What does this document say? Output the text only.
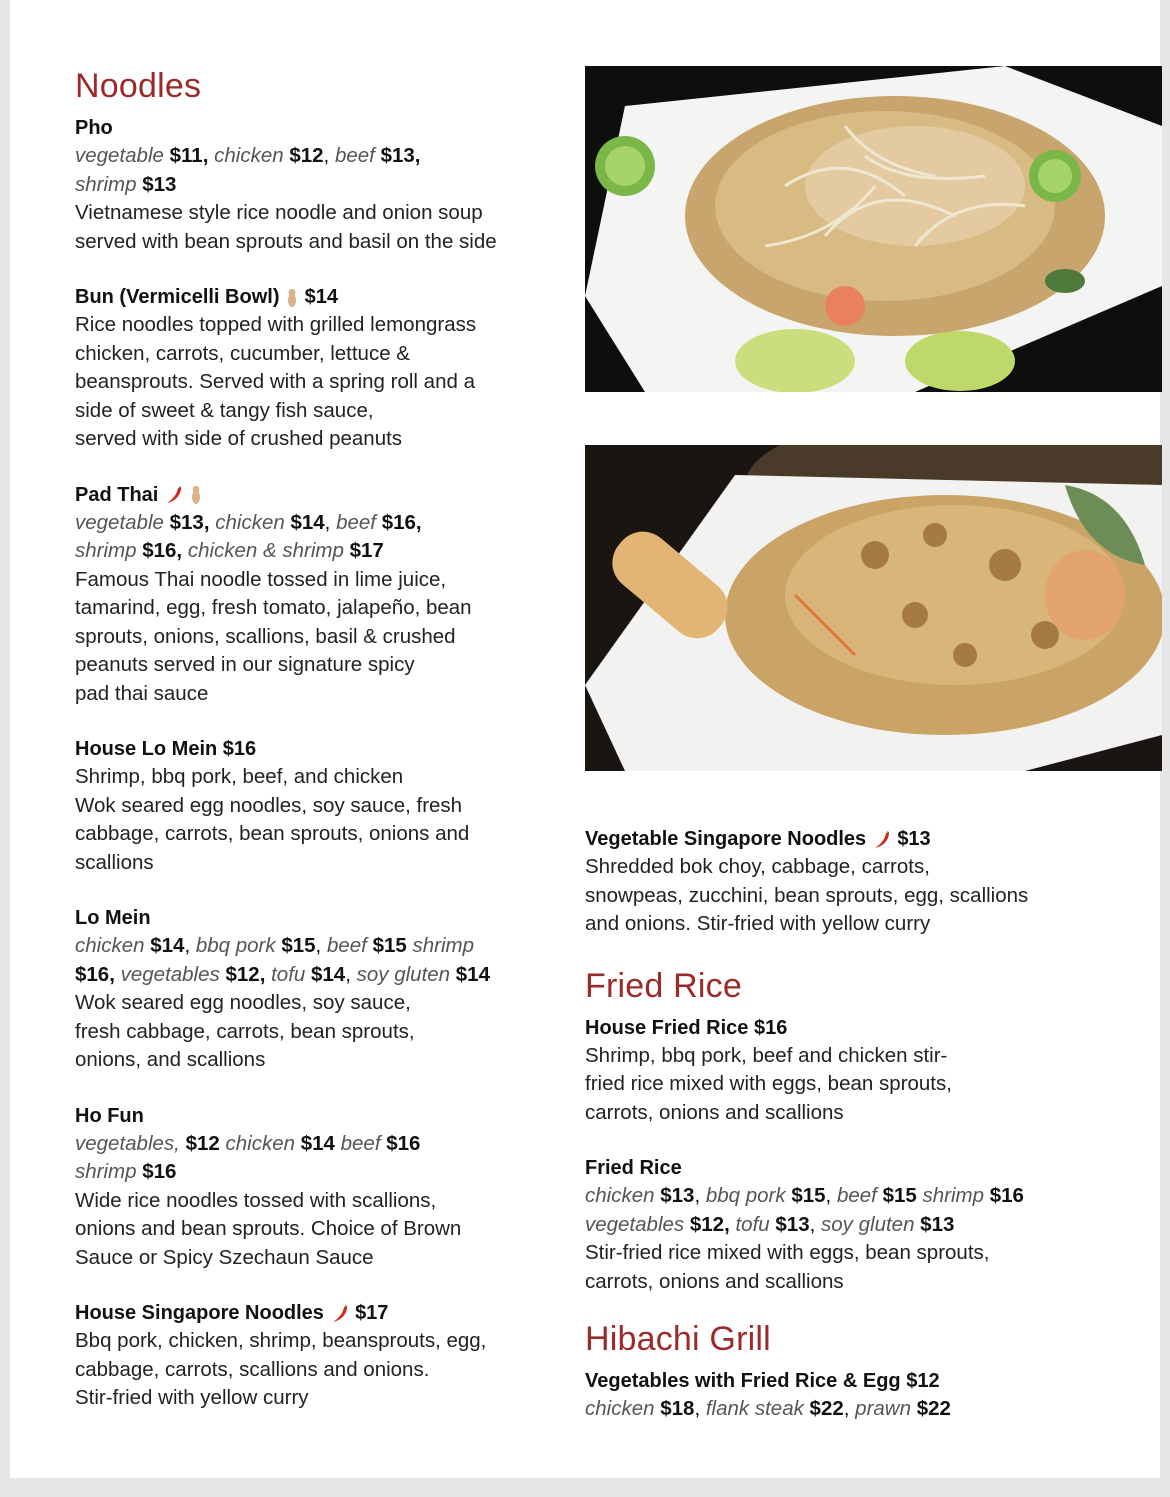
Noodles
Pho
vegetable $11, chicken $12, beef $13,
shrimp $13
Vietnamese style rice noodle and onion soup
served with bean sprouts and basil on the side
Bun (Vermicelli Bowl) $14
Rice noodles topped with grilled lemongrass
chicken, carrots, cucumber, lettuce &
beansprouts. Served with a spring roll and a
side of sweet & tangy fish sauce,
served with side of crushed peanuts
Pad Thai
vegetable $13, chicken $14, beef $16,
shrimp $16, chicken & shrimp $17
Famous Thai noodle tossed in lime juice,
tamarind, egg, fresh tomato, jalapeño, bean
sprouts, onions, scallions, basil & crushed
peanuts served in our signature spicy
pad thai sauce
House Lo Mein $16
Shrimp, bbq pork, beef, and chicken
Wok seared egg noodles, soy sauce, fresh
cabbage, carrots, bean sprouts, onions and
scallions
Lo Mein
chicken $14, bbq pork $15, beef $15 shrimp
$16, vegetables $12, tofu $14, soy gluten $14
Wok seared egg noodles, soy sauce,
fresh cabbage, carrots, bean sprouts,
onions, and scallions
Ho Fun
vegetables, $12 chicken $14 beef $16
shrimp $16
Wide rice noodles tossed with scallions,
onions and bean sprouts. Choice of Brown
Sauce or Spicy Szechaun Sauce
House Singapore Noodles $17
Bbq pork, chicken, shrimp, beansprouts, egg,
cabbage, carrots, scallions and onions.
Stir-fried with yellow curry
Vegetable Singapore Noodles $13
Shredded bok choy, cabbage, carrots,
snowpeas, zucchini, bean sprouts, egg, scallions
and onions. Stir-fried with yellow curry
Fried Rice
House Fried Rice $16
Shrimp, bbq pork, beef and chicken stir-
fried rice mixed with eggs, bean sprouts,
carrots, onions and scallions
Fried Rice
chicken $13, bbq pork $15, beef $15 shrimp $16
vegetables $12, tofu $13, soy gluten $13
Stir-fried rice mixed with eggs, bean sprouts,
carrots, onions and scallions
Hibachi Grill
Vegetables with Fried Rice & Egg $12
chicken $18, flank steak $22, prawn $22
